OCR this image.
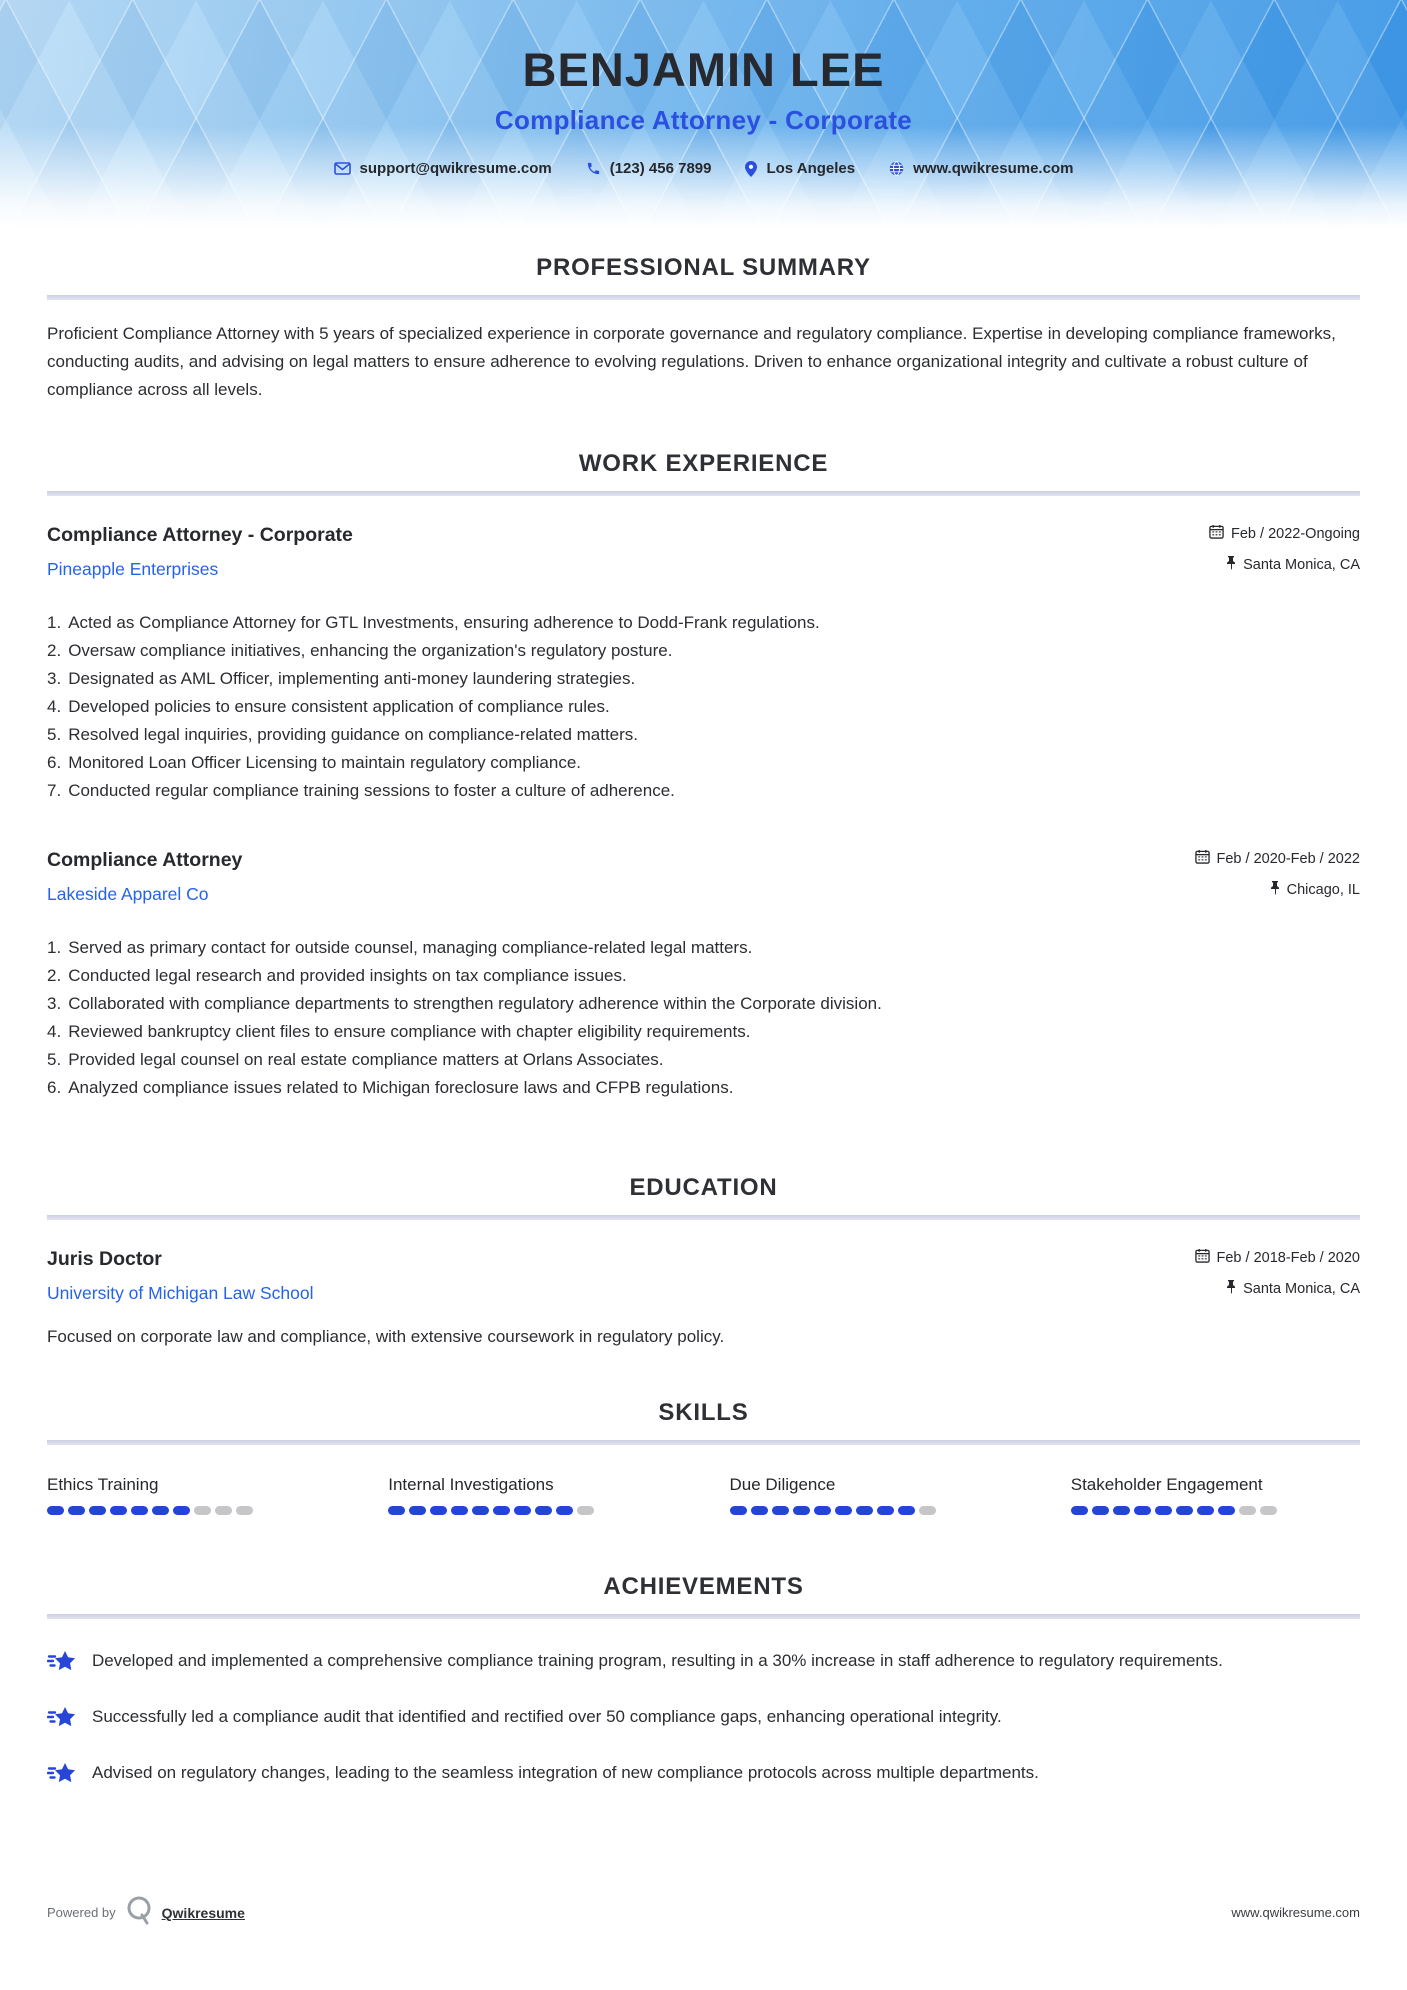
BENJAMIN LEE
Compliance Attorney - Corporate
support@qwikresume.com	(123) 456 7899	Los Angeles	www.qwikresume.com
PROFESSIONAL SUMMARY

Proficient Compliance Attorney with 5 years of specialized experience in corporate governance and regulatory compliance. Expertise in developing compliance frameworks, conducting audits, and advising on legal matters to ensure adherence to evolving regulations. Driven to enhance organizational integrity and cultivate a robust culture of compliance across all levels.

WORK EXPERIENCE
Compliance Attorney - Corporate
Pineapple Enterprises
Feb / 2022-Ongoing
Santa Monica, CA
Acted as Compliance Attorney for GTL Investments, ensuring adherence to Dodd-Frank regulations.
Oversaw compliance initiatives, enhancing the organization's regulatory posture.
Designated as AML Officer, implementing anti-money laundering strategies.
Developed policies to ensure consistent application of compliance rules.
Resolved legal inquiries, providing guidance on compliance-related matters.
Monitored Loan Officer Licensing to maintain regulatory compliance.
Conducted regular compliance training sessions to foster a culture of adherence.
Compliance Attorney
Lakeside Apparel Co
Feb / 2020-Feb / 2022
Chicago, IL
Served as primary contact for outside counsel, managing compliance-related legal matters.
Conducted legal research and provided insights on tax compliance issues.
Collaborated with compliance departments to strengthen regulatory adherence within the Corporate division.
Reviewed bankruptcy client files to ensure compliance with chapter eligibility requirements.
Provided legal counsel on real estate compliance matters at Orlans Associates.
Analyzed compliance issues related to Michigan foreclosure laws and CFPB regulations.
EDUCATION
Juris Doctor
University of Michigan Law School
Feb / 2018-Feb / 2020
Santa Monica, CA

Focused on corporate law and compliance, with extensive coursework in regulatory policy.

SKILLS
Ethics Training	Internal Investigations	Due Diligence	Stakeholder Engagement
ACHIEVEMENTS
Developed and implemented a comprehensive compliance training program, resulting in a 30% increase in staff adherence to regulatory requirements.
Successfully led a compliance audit that identified and rectified over 50 compliance gaps, enhancing operational integrity.
Advised on regulatory changes, leading to the seamless integration of new compliance protocols across multiple departments.
Powered by	Qwikresume	www.qwikresume.com
